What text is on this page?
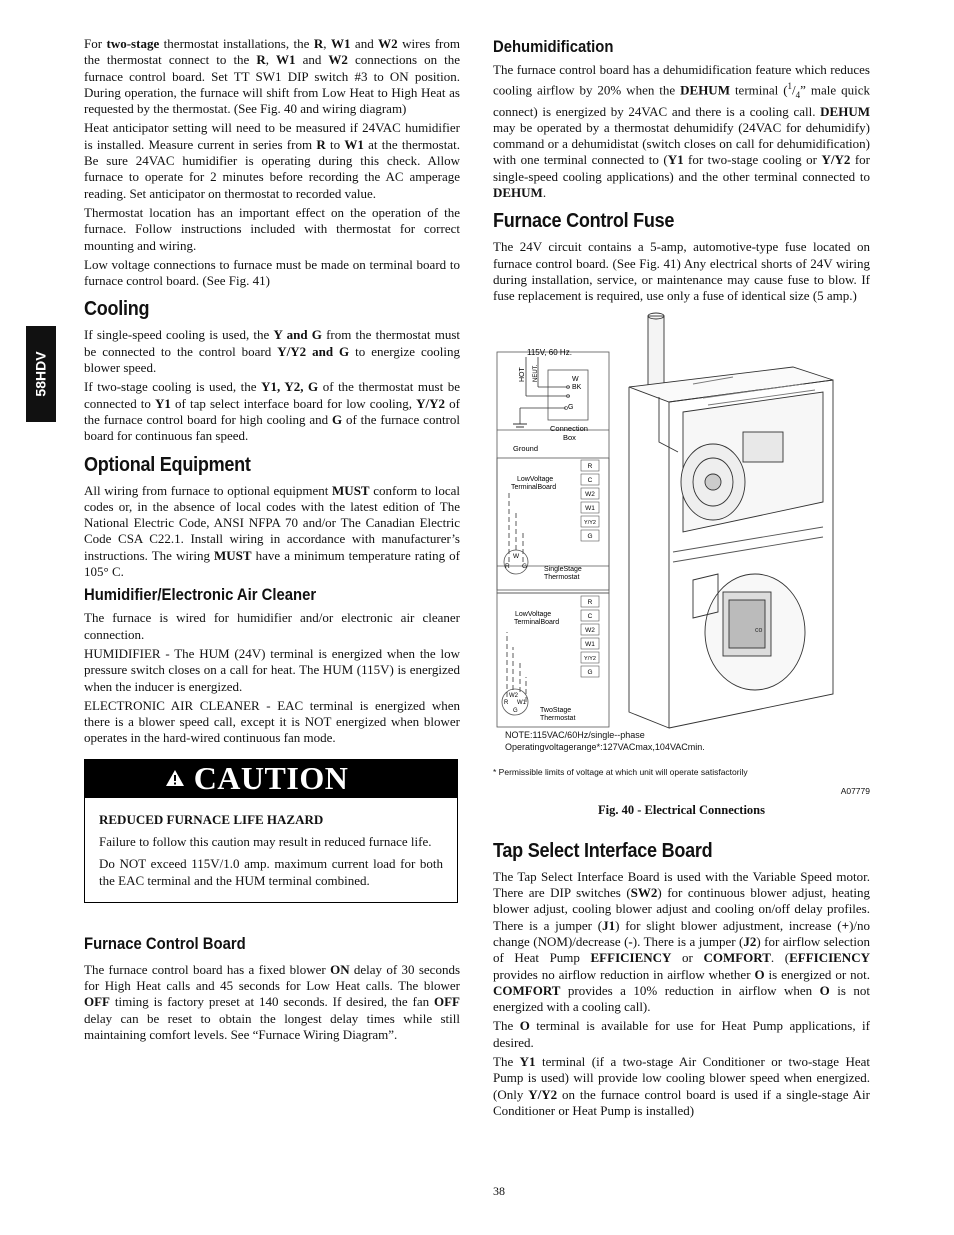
58HDV

For two-stage thermostat installations, the R, W1 and W2 wires from the thermostat connect to the R, W1 and W2 connections on the furnace control board. Set TT SW1 DIP switch #3 to ON position. During operation, the furnace will shift from Low Heat to High Heat as requested by the thermostat. (See Fig. 40 and wiring diagram)

Heat anticipator setting will need to be measured if 24VAC humidifier is installed. Measure current in series from R to W1 at the thermostat. Be sure 24VAC humidifier is operating during this check. Allow furnace to operate for 2 minutes before recording the AC amperage reading. Set anticipator on thermostat to recorded value.

Thermostat location has an important effect on the operation of the furnace. Follow instructions included with thermostat for correct mounting and wiring.

Low voltage connections to furnace must be made on terminal board to furnace control board. (See Fig. 41)

Cooling

If single-speed cooling is used, the Y and G from the thermostat must be connected to the control board Y/Y2 and G to energize cooling blower speed.

If two-stage cooling is used, the Y1, Y2, G of the thermostat must be connected to Y1 of tap select interface board for low cooling, Y/Y2 of the furnace control board for high cooling and G of the furnace control board for continuous fan speed.

Optional Equipment

All wiring from furnace to optional equipment MUST conform to local codes or, in the absence of local codes with the latest edition of The National Electric Code, ANSI NFPA 70 and/or The Canadian Electric Code CSA C22.1. Install wiring in accordance with manufacturer’s instructions. The wiring MUST have a minimum temperature rating of 105° C.

Humidifier/Electronic Air Cleaner

The furnace is wired for humidifier and/or electronic air cleaner connection.

HUMIDIFIER - The HUM (24V) terminal is energized when the low pressure switch closes on a call for heat. The HUM (115V) is energized when the inducer is energized.

ELECTRONIC AIR CLEANER - EAC terminal is energized when there is a blower speed call, except it is NOT energized when blower operates in the hard-wired continuous fan mode.

CAUTION

REDUCED FURNACE LIFE HAZARD

Failure to follow this caution may result in reduced furnace life.

Do NOT exceed 115V/1.0 amp. maximum current load for both the EAC terminal and the HUM terminal combined.

Furnace Control Board

The furnace control board has a fixed blower ON delay of 30 seconds for High Heat calls and 45 seconds for Low Heat calls. The blower OFF timing is factory preset at 140 seconds. If desired, the fan OFF delay can be reset to obtain the longest delay times while still maintaining comfort levels. See “Furnace Wiring Diagram”.

Dehumidification

The furnace control board has a dehumidification feature which reduces cooling airflow by 20% when the DEHUM terminal ($^1/_4$” male quick connect) is energized by 24VAC and there is a cooling call. DEHUM may be operated by a thermostat dehumidify (24VAC for dehumidify) command or a dehumidistat (switch closes on call for dehumidification) with one terminal connected to (Y1 for two-stage cooling or Y/Y2 for single-speed cooling applications) and the other terminal connected to DEHUM.

Furnace Control Fuse

The 24V circuit contains a 5-amp, automotive-type fuse located on furnace control board. (See Fig. 41) Any electrical shorts of 24V wiring during installation, service, or maintenance may cause fuse to blow. If fuse replacement is required, use only a fuse of identical size (5 amp.)

115V, 60 Hz.
HOT NEUT.	W
BK
G
Connection
Box
Ground
LowVoltage
TerminalBoard
R
C
W2
W1
Y/Y2
G
W
R G SingleStage
Thermostat
LowVoltage
TerminalBoard
R
C
W2
W1
Y/Y2
G
W2
W1
R
G	TwoStage
Thermostat
co
NOTE:115VAC/60Hz/single--phase
Operatingvoltagerange*:127VACmax,104VACmin.
* Permissible limits of voltage at which unit will operate satisfactorily
A07779

Fig. 40 - Electrical Connections

Tap Select Interface Board

The Tap Select Interface Board is used with the Variable Speed motor. There are DIP switches (SW2) for continuous blower adjust, heating blower adjust, cooling blower adjust and cooling on/off delay profiles. There is a jumper (J1) for slight blower adjustment, increase (+)/no change (NOM)/decrease (-). There is a jumper (J2) for airflow selection of Heat Pump EFFICIENCY or COMFORT. (EFFICIENCY provides no airflow reduction in airflow whether O is energized or not. COMFORT provides a 10% reduction in airflow when O is not energized with a cooling call).

The O terminal is available for use for Heat Pump applications, if desired.

The Y1 terminal (if a two-stage Air Conditioner or two-stage Heat Pump is used) will provide low cooling blower speed when energized. (Only Y/Y2 on the furnace control board is used if a single-stage Air Conditioner or Heat Pump is installed)

38
